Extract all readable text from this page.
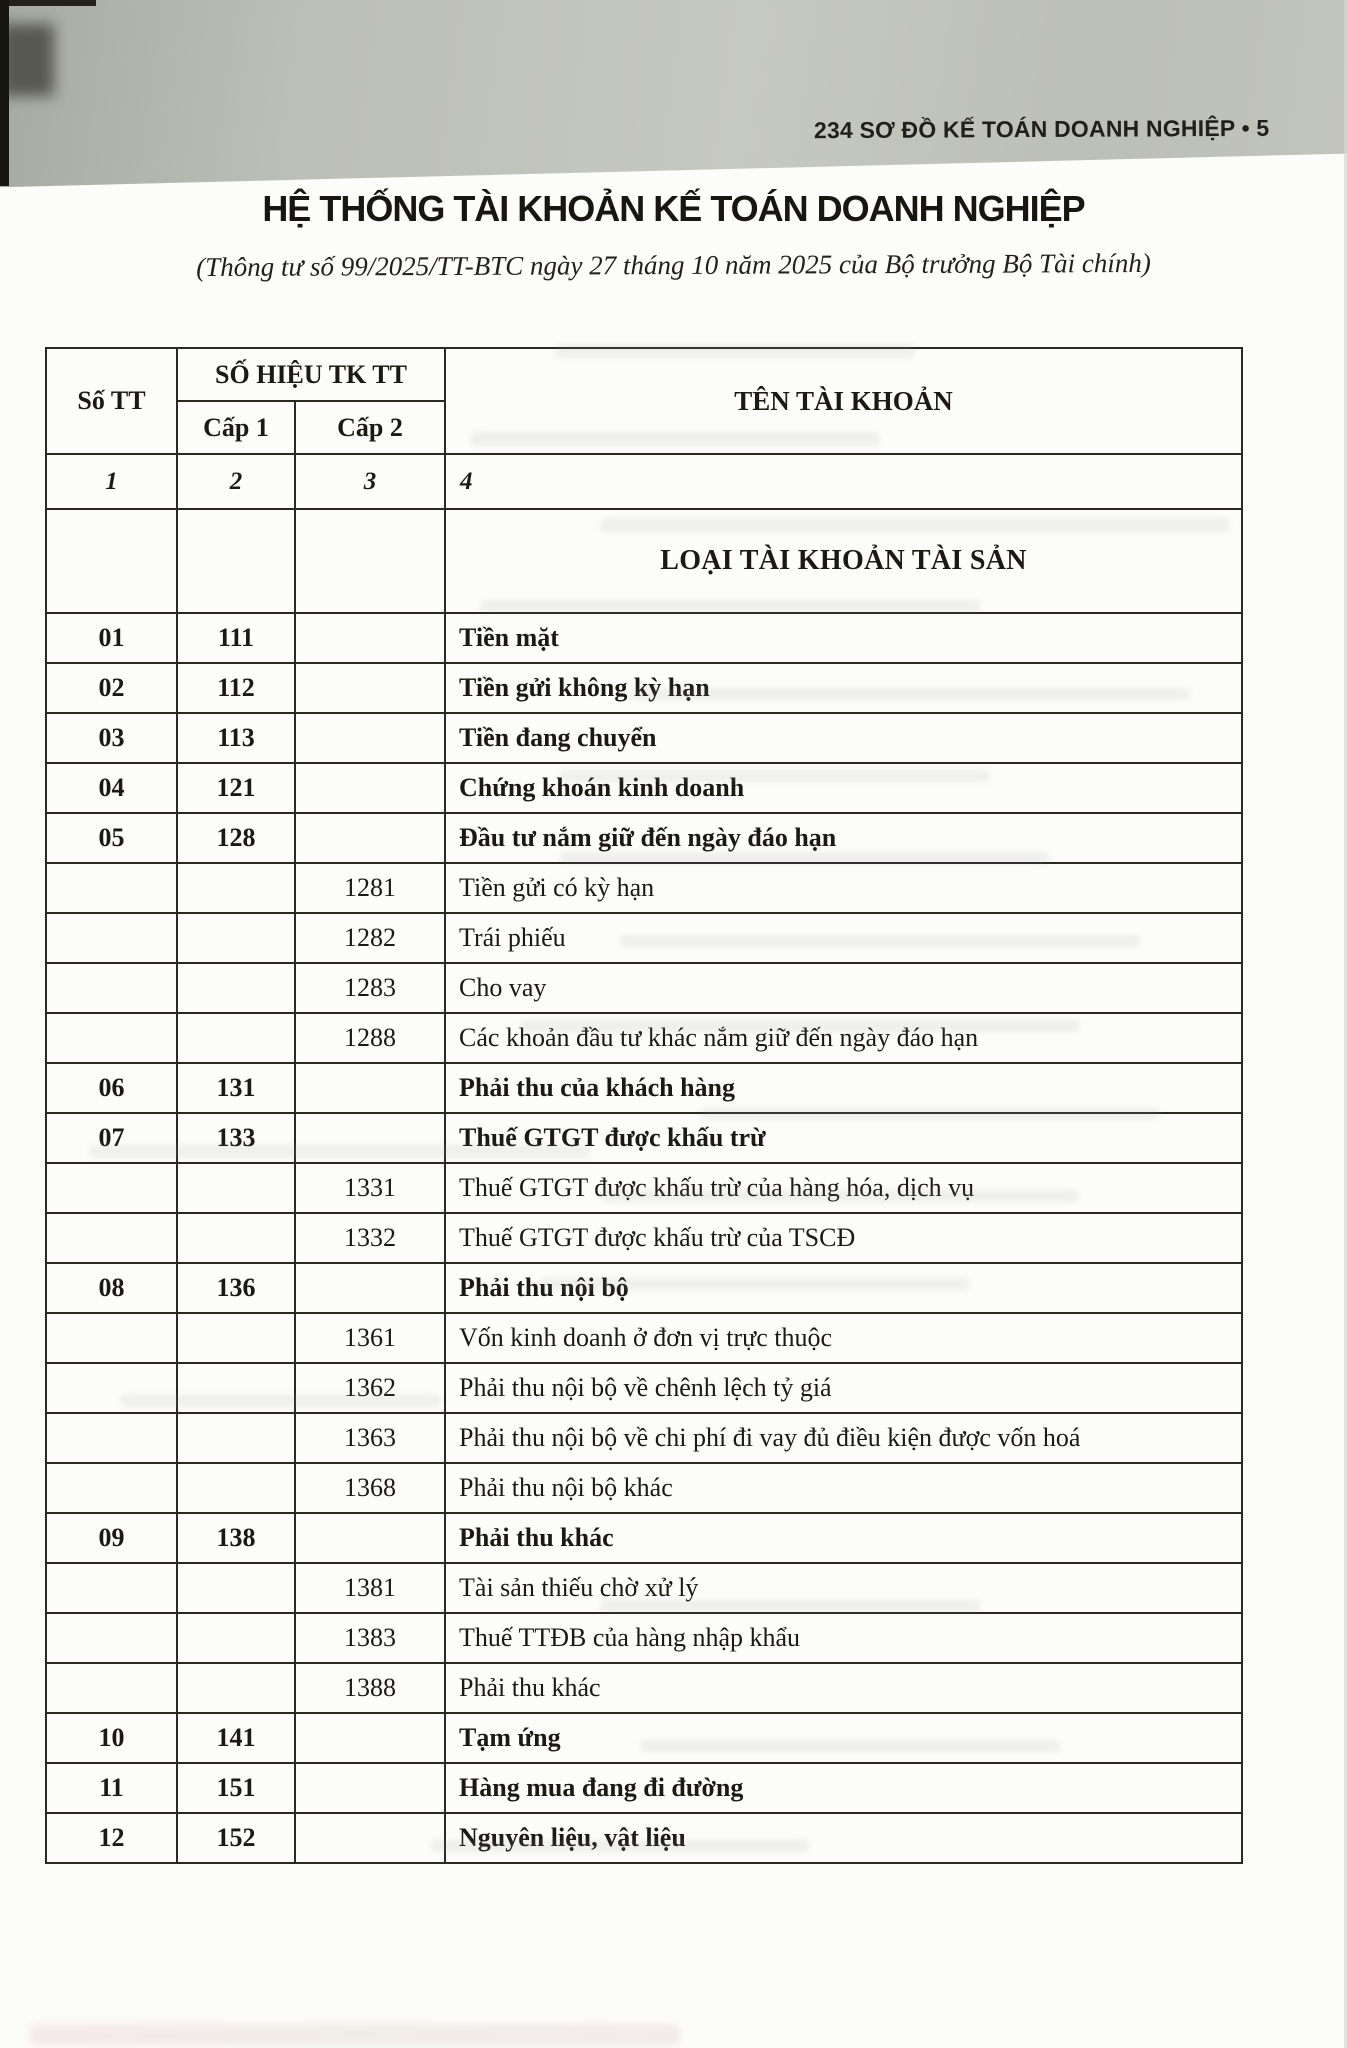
234 SƠ ĐỒ KẾ TOÁN DOANH NGHIỆP • 5
HỆ THỐNG TÀI KHOẢN KẾ TOÁN DOANH NGHIỆP
(Thông tư số 99/2025/TT-BTC ngày 27 tháng 10 năm 2025 của Bộ trưởng Bộ Tài chính)
Số TT	SỐ HIỆU TK TT		TÊN TÀI KHOẢN
	Cấp 1	Cấp 2	
1	2	3	4
			LOẠI TÀI KHOẢN TÀI SẢN
01	111		Tiền mặt
02	112		Tiền gửi không kỳ hạn
03	113		Tiền đang chuyển
04	121		Chứng khoán kinh doanh
05	128		Đầu tư nắm giữ đến ngày đáo hạn
		1281	Tiền gửi có kỳ hạn
		1282	Trái phiếu
		1283	Cho vay
		1288	Các khoản đầu tư khác nắm giữ đến ngày đáo hạn
06	131		Phải thu của khách hàng
07	133		Thuế GTGT được khấu trừ
		1331	Thuế GTGT được khấu trừ của hàng hóa, dịch vụ
		1332	Thuế GTGT được khấu trừ của TSCĐ
08	136		Phải thu nội bộ
		1361	Vốn kinh doanh ở đơn vị trực thuộc
		1362	Phải thu nội bộ về chênh lệch tỷ giá
		1363	Phải thu nội bộ về chi phí đi vay đủ điều kiện được vốn hoá
		1368	Phải thu nội bộ khác
09	138		Phải thu khác
		1381	Tài sản thiếu chờ xử lý
		1383	Thuế TTĐB của hàng nhập khẩu
		1388	Phải thu khác
10	141		Tạm ứng
11	151		Hàng mua đang đi đường
12	152		Nguyên liệu, vật liệu
